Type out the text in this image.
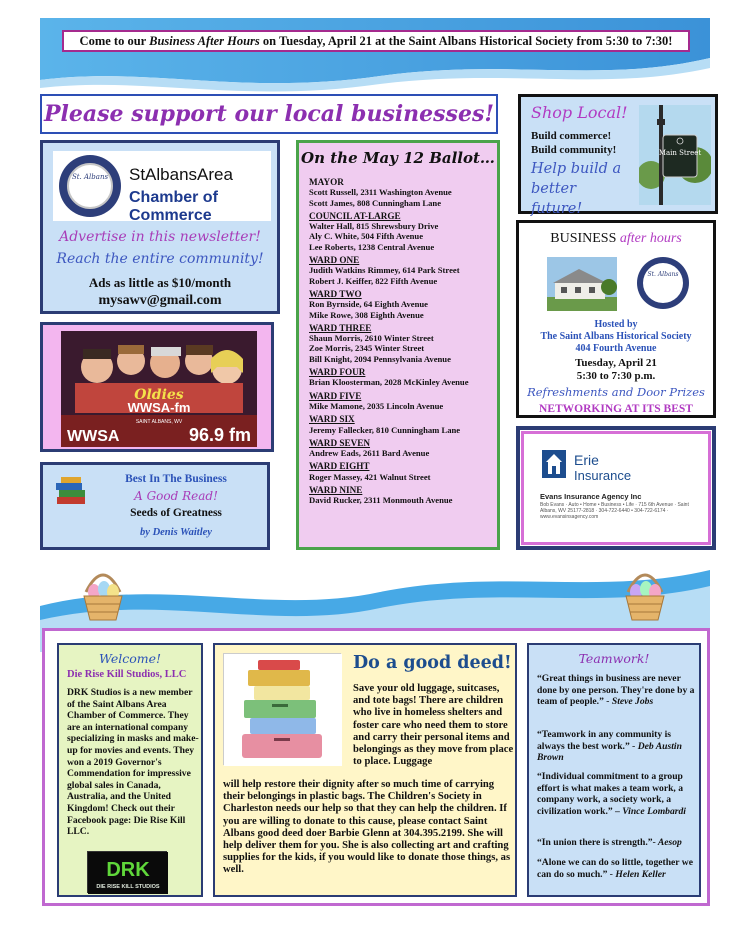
Come to our Business After Hours on Tuesday, April 21 at the Saint Albans Historical Society from 5:30 to 7:30!
Please support our local businesses!
St. Albans StAlbansArea
Chamber of Commerce
Advertise in this newsletter!
Reach the entire community!
Ads as little as $10/month
mysawv@gmail.com
Oldies
WWSA-fm
SAINT ALBANS, WV
WWSA	96.9 fm
Best In The Business
A Good Read!
Seeds of Greatness
by Denis Waitley
On the May 12 Ballot…
MAYOR
Scott Russell, 2311 Washington Avenue
Scott James, 808 Cunningham Lane
COUNCIL AT-LARGE
Walter Hall, 815 Shrewsbury Drive
Aly C. White, 504 Fifth Avenue
Lee Roberts, 1238 Central Avenue
WARD ONE
Judith Watkins Rimmey, 614 Park Street
Robert J. Keiffer, 822 Fifth Avenue
WARD TWO
Ron Byrnside, 64 Eighth Avenue
Mike Rowe, 308 Eighth Avenue
WARD THREE
Shaun Morris, 2610 Winter Street
Zoe Morris, 2345 Winter Street
Bill Knight, 2094 Pennsylvania Avenue
WARD FOUR
Brian Kloosterman, 2028 McKinley Avenue
WARD FIVE
Mike Mamone, 2035 Lincoln Avenue
WARD SIX
Jeremy Fallecker, 810 Cunningham Lane
WARD SEVEN
Andrew Eads, 2611 Bard Avenue
WARD EIGHT
Roger Massey, 421 Walnut Street
WARD NINE
David Rucker, 2311 Monmouth Avenue
Shop Local!
Build commerce!
Build community!
Help build a better future!
Main Street
BUSINESS after hours
St. Albans
Hosted by
The Saint Albans Historical Society
404 Fourth Avenue
Tuesday, April 21
5:30 to 7:30 p.m.
Refreshments and Door Prizes
NETWORKING AT ITS BEST
Erie
Insurance
Evans Insurance Agency Inc
Bob Evans · Auto • Home • Business • Life · 715 6th Avenue · Saint Albans, WV 25177-2818 · 304-722-6440 • 304-722-6174 · www.evansinsagency.com
Welcome!
Die Rise Kill Studios, LLC
DRK Studios is a new member of the Saint Albans Area Chamber of Commerce. They are an international company specializing in masks and make-up for movies and events. They won a 2019 Governor's Commendation for impressive global sales in Canada, Australia, and the United Kingdom! Check out their Facebook page: Die Rise Kill LLC.
DRK
DIE RISE KILL STUDIOS
Do a good deed!
Save your old luggage, suitcases, and tote bags! There are children who live in homeless shelters and foster care who need them to store and carry their personal items and belongings as they move from place to place. Luggage
will help restore their dignity after so much time of carrying their belongings in plastic bags. The Children's Society in Charleston needs our help so that they can help the children. If you are willing to donate to this cause, please contact Saint Albans good deed doer Barbie Glenn at 304.395.2199. She will help deliver them for you. She is also collecting art and crafting supplies for the kids, if you would like to donate those things, as well.
Teamwork!
“Great things in business are never done by one person. They're done by a team of people.” - Steve Jobs
“Teamwork in any community is always the best work.” - Deb Austin Brown
“Individual commitment to a group effort is what makes a team work, a company work, a society work, a civilization work.” – Vince Lombardi
“In union there is strength.”- Aesop
“Alone we can do so little, together we can do so much.” - Helen Keller
